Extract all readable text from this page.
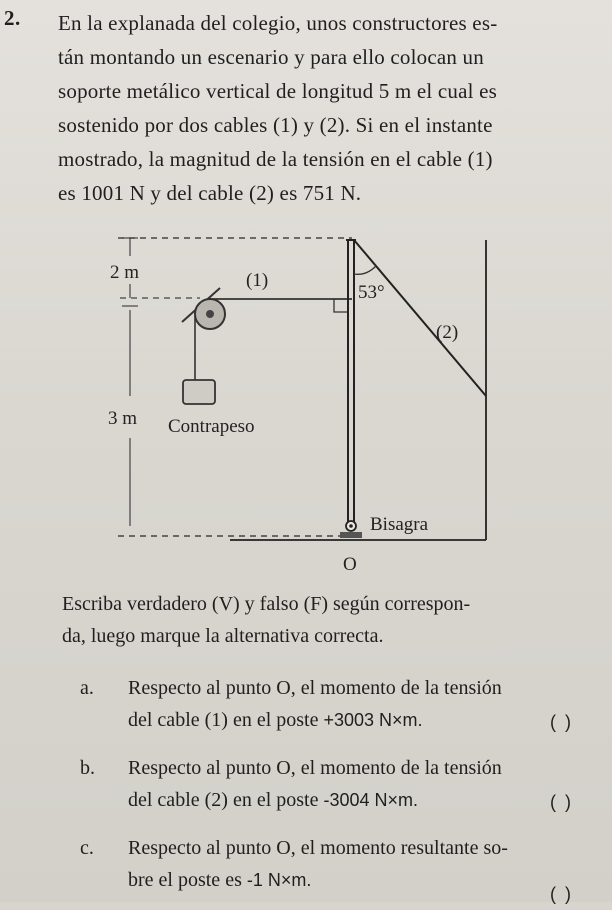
2. En la explanada del colegio, unos constructores es-
tán montando un escenario y para ello colocan un
soporte metálico vertical de longitud 5 m el cual es
sostenido por dos cables (1) y (2). Si en el instante
mostrado, la magnitud de la tensión en el cable (1)
es 1001 N y del cable (2) es 751 N.

2 m
3 m
(1)
Contrapeso
(2)
53°
Bisagra
O

Escriba verdadero (V) y falso (F) según correspon-
da, luego marque la alternativa correcta.

a. Respecto al punto O, el momento de la tensión
del cable (1) en el poste +3003 N×m.	( )
b. Respecto al punto O, el momento de la tensión
del cable (2) en el poste -3004 N×m.	( )
c. Respecto al punto O, el momento resultante so-
bre el poste es -1 N×m.
( )
